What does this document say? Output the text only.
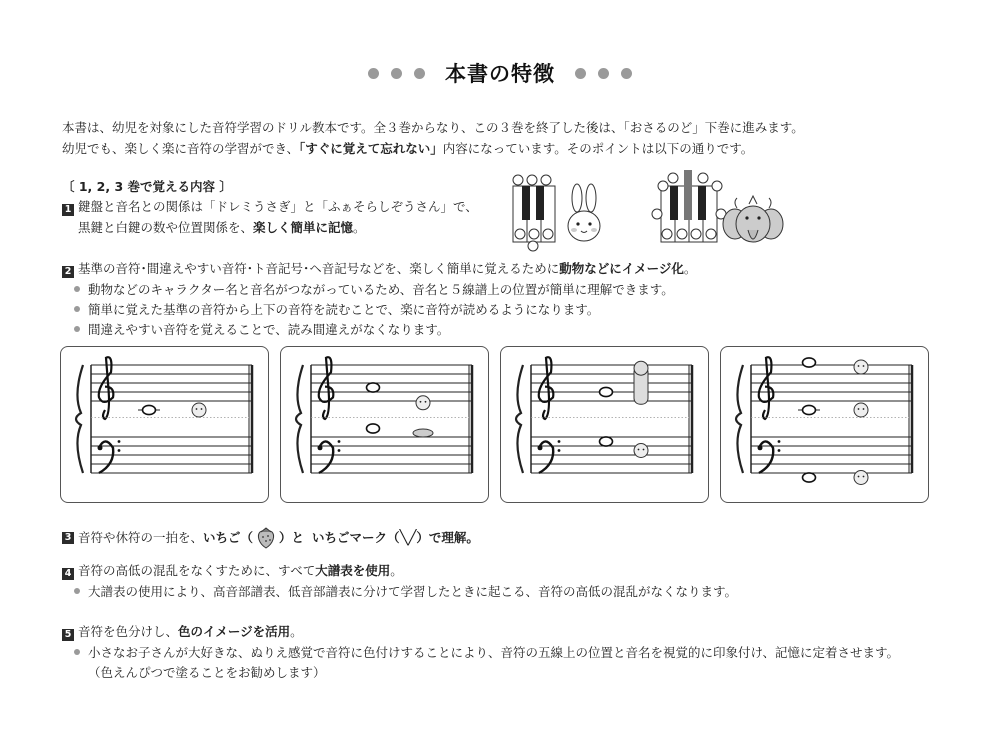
本書の特徴
本書は、幼児を対象にした音符学習のドリル教本です。全３巻からなり、この３巻を終了した後は、「おさるのど」下巻に進みます。
幼児でも、楽しく楽に音符の学習ができ、「すぐに覚えて忘れない」内容になっています。そのポイントは以下の通りです。
〔 1, 2, 3 巻で覚える内容 〕
1 鍵盤と音名との関係は「ドレミうさぎ」と「ふぁそらしぞうさん」で、
黒鍵と白鍵の数や位置関係を、楽しく簡単に記憶。
2 基準の音符･間違えやすい音符･ト音記号･ヘ音記号などを、楽しく簡単に覚えるために動物などにイメージ化。
動物などのキャラクター名と音名がつながっているため、音名と５線譜上の位置が簡単に理解できます。
簡単に覚えた基準の音符から上下の音符を読むことで、楽に音符が読めるようになります。
間違えやすい音符を覚えることで、読み間違えがなくなります。
3 音符や休符の一拍を、 いちご（ ）と いちごマーク（ ╲╱ ）で理解。
4 音符の高低の混乱をなくすために、すべて大譜表を使用。
大譜表の使用により、高音部譜表、低音部譜表に分けて学習したときに起こる、音符の高低の混乱がなくなります。
5 音符を色分けし、色のイメージを活用。
小さなお子さんが大好きな、ぬりえ感覚で音符に色付けすることにより、音符の五線上の位置と音名を視覚的に印象付け、記憶に定着させます。
（色えんぴつで塗ることをお勧めします）
